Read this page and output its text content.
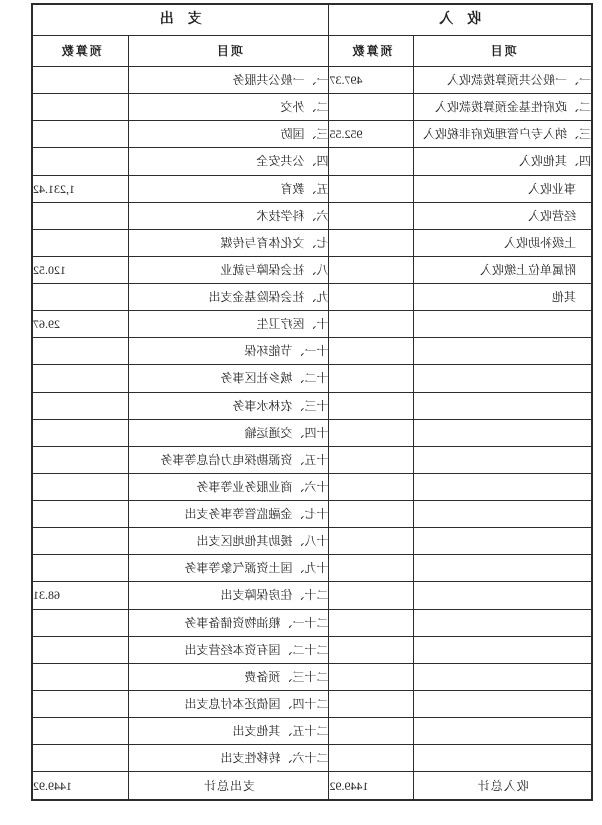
收入		支出	
项目	预算数	项目	预算数
一、一般公共预算拨款收入	497.37	一、一般公共服务	
二、政府性基金预算拨款收入		二、外交	
三、纳入专户管理政府非税收入	952.55	三、国防	
四、其他收入		四、公共安全	
事业收入		五、教育	1,231.42
经营收入		六、科学技术	
上级补助收入		七、文化体育与传媒	
附属单位上缴收入		八、社会保障与就业	120.52
其他		九、社会保险基金支出	
		十、医疗卫生	29.67
		十一、节能环保	
		十二、城乡社区事务	
		十三、农林水事务	
		十四、交通运输	
		十五、资源勘探电力信息等事务	
		十六、商业服务业等事务	
		十七、金融监管等事务支出	
		十八、援助其他地区支出	
		十九、国土资源气象等事务	
		二十、住房保障支出	68.31
		二十一、粮油物资储备事务	
		二十二、国有资本经营支出	
		二十三、预备费	
		二十四、国债还本付息支出	
		二十五、其他支出	
		二十六、转移性支出	
收入总计	1449.92	支出总计	1449.92
